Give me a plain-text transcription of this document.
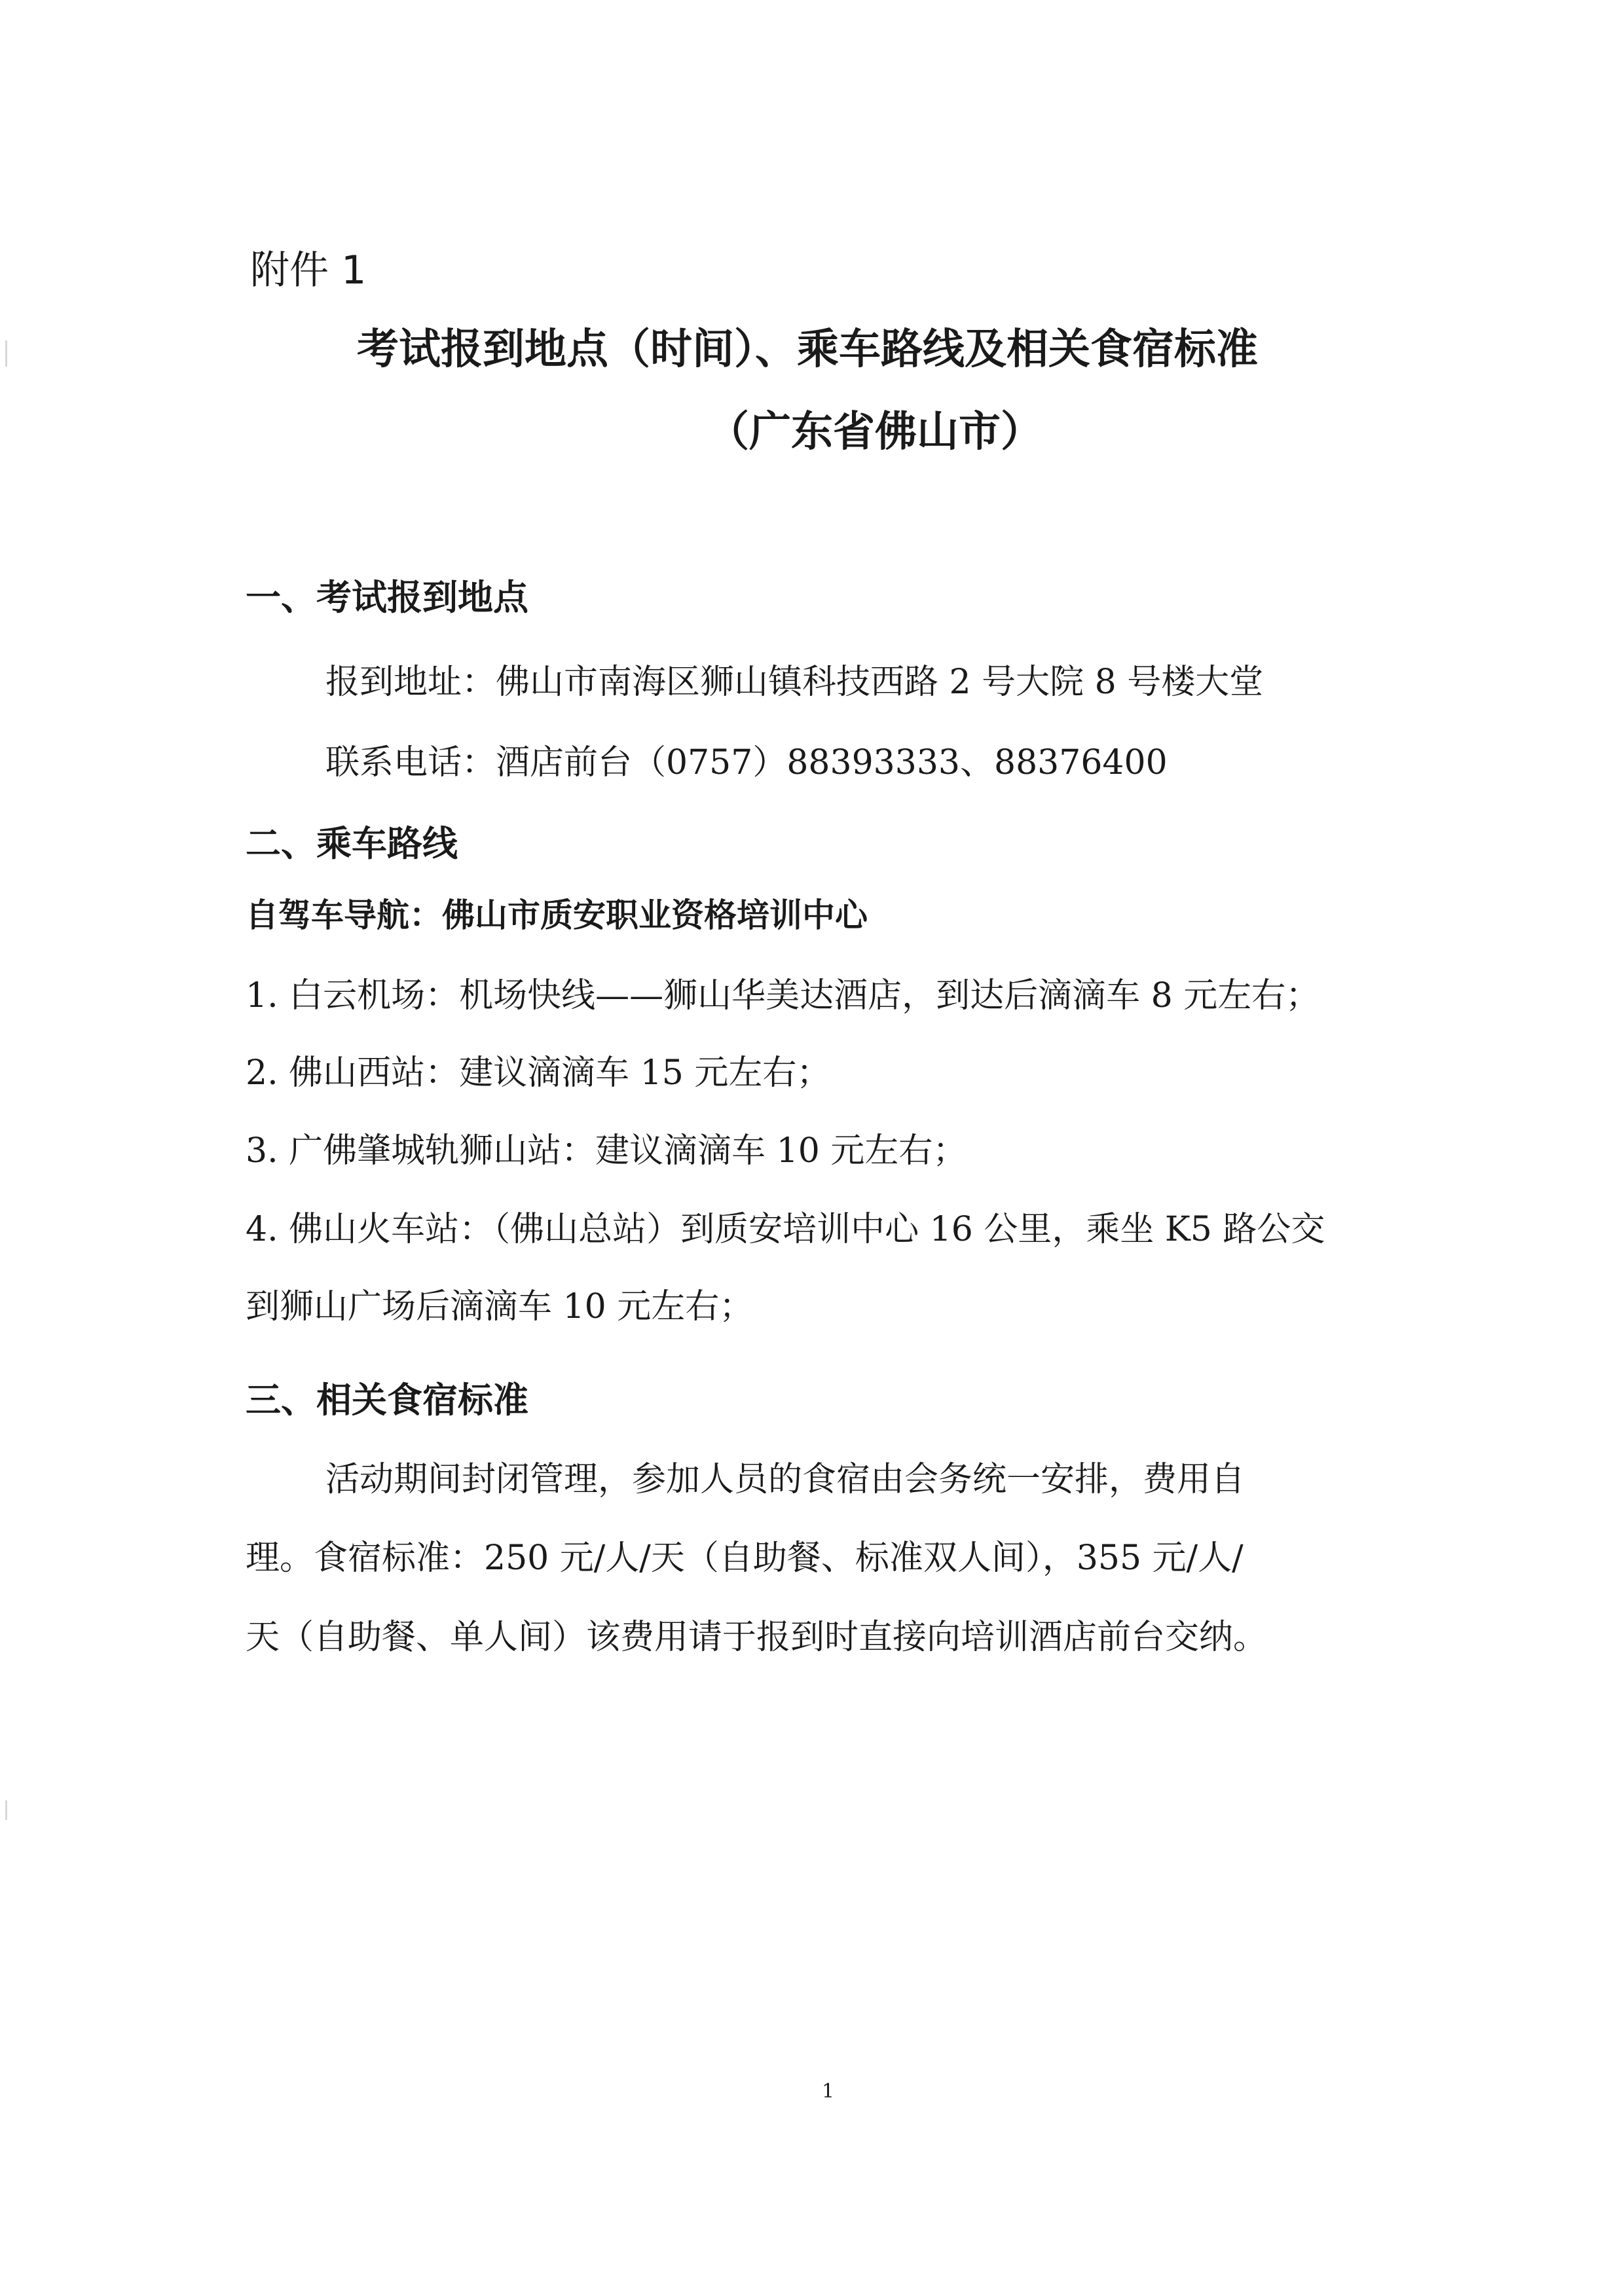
附件 1
考试报到地点（时间）、乘车路线及相关食宿标准
（广东省佛山市）
一、考试报到地点
报到地址：佛山市南海区狮山镇科技西路 2 号大院 8 号楼大堂
联系电话：酒店前台（0757）88393333、88376400
二、乘车路线
自驾车导航：佛山市质安职业资格培训中心
1. 白云机场：机场快线——狮山华美达酒店，到达后滴滴车 8 元左右；
2. 佛山西站：建议滴滴车 15 元左右；
3. 广佛肇城轨狮山站：建议滴滴车 10 元左右；
4. 佛山火车站：（佛山总站）到质安培训中心 16 公里，乘坐 K5 路公交
到狮山广场后滴滴车 10 元左右；
三、相关食宿标准
活动期间封闭管理，参加人员的食宿由会务统一安排，费用自
理。食宿标准：250 元/人/天（自助餐、标准双人间），355 元/人/
天（自助餐、单人间）该费用请于报到时直接向培训酒店前台交纳。
1
